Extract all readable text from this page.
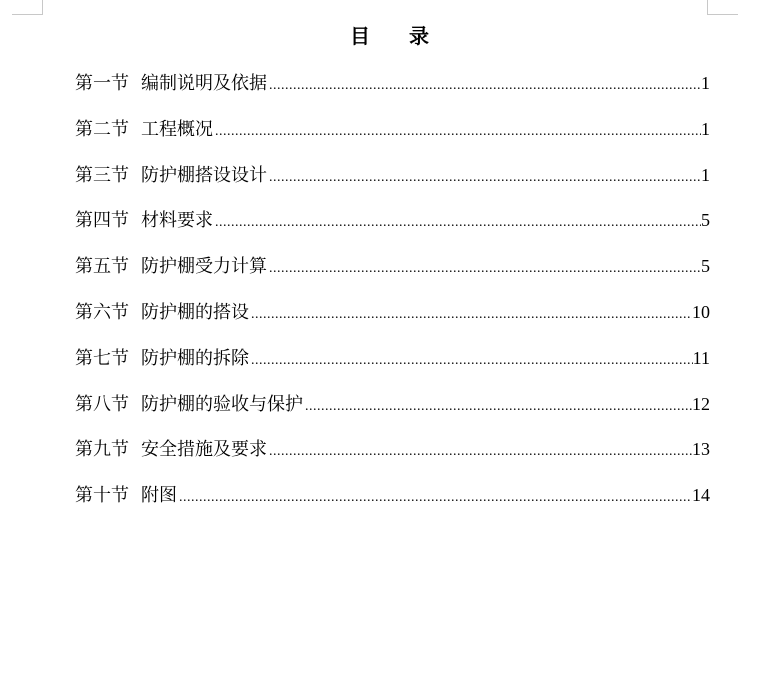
目 录
第一节 编制说明及依据 .....	1
第二节 工程概况 .....	1
第三节 防护棚搭设设计 .....	1
第四节 材料要求 .....	5
第五节 防护棚受力计算 .....	5
第六节 防护棚的搭设 .....	10
第七节 防护棚的拆除 .....	11
第八节 防护棚的验收与保护 .....	12
第九节 安全措施及要求 .....	13
第十节 附图 .....	14
